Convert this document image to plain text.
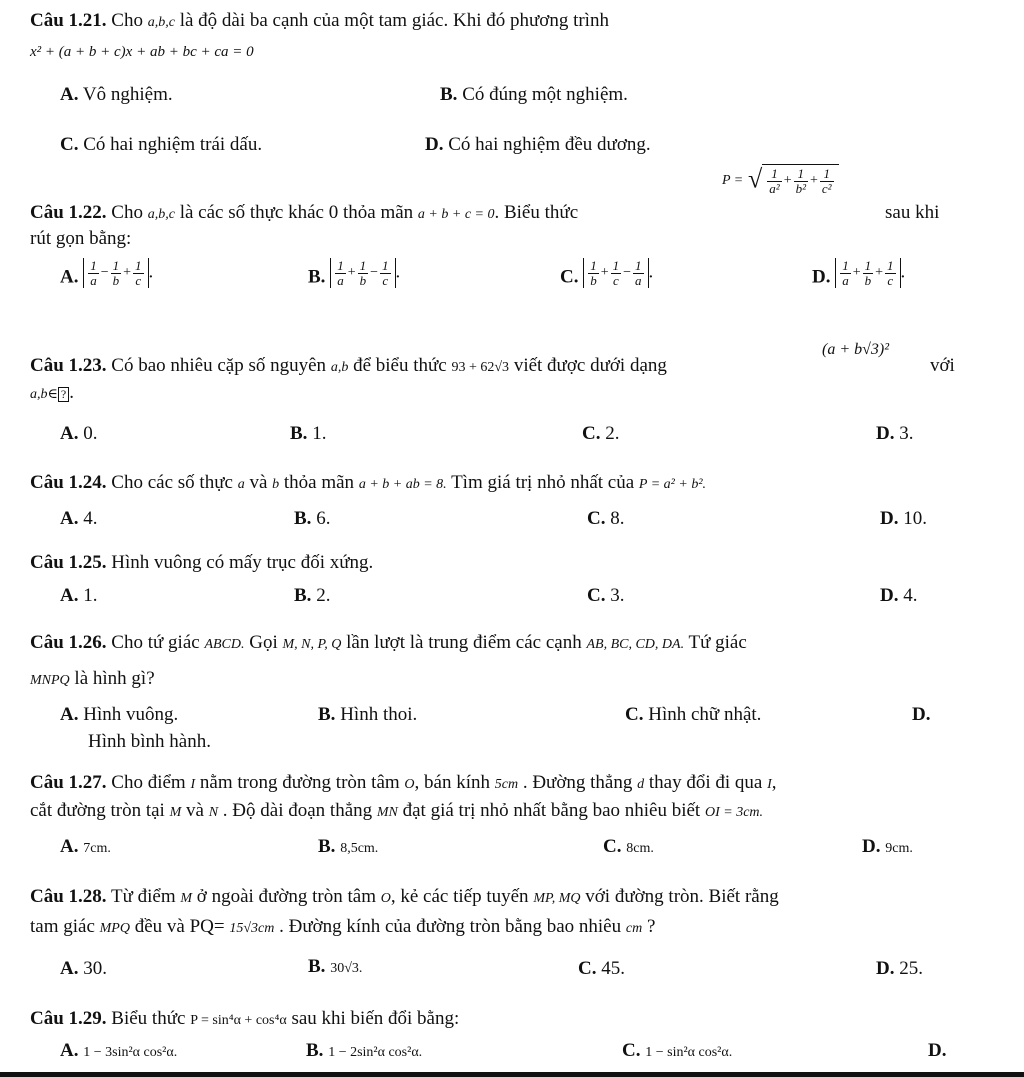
Câu 1.21. Cho a,b,c là độ dài ba cạnh của một tam giác. Khi đó phương trình
x² + (a + b + c)x + ab + bc + ca = 0
A. Vô nghiệm.	B. Có đúng một nghiệm.
C. Có hai nghiệm trái dấu.	D. Có hai nghiệm đều dương.
Câu 1.22. Cho a,b,c là các số thực khác 0 thỏa mãn a + b + c = 0. Biểu thức
P = √ $\frac{1}{\text{a²}} + \frac{1}{\text{b²}} + \frac{1}{\text{c²}}$
sau khi
rút gọn bằng:
A. $\frac{1}{a} - \frac{1}{b} + \frac{1}{c}$ .	B. $\frac{1}{a} + \frac{1}{b} - \frac{1}{c}$ .	C. $\frac{1}{b} + \frac{1}{c} - \frac{1}{a}$ .	D. $\frac{1}{a} + \frac{1}{b} + \frac{1}{c}$ .
Câu 1.23. Có bao nhiêu cặp số nguyên a,b để biểu thức 93 + 62√3 viết được dưới dạng
(a + b√3)²
với
a,b∈ ? .
A. 0.	B. 1.	C. 2.	D. 3.
Câu 1.24. Cho các số thực a và b thỏa mãn a + b + ab = 8. Tìm giá trị nhỏ nhất của P = a² + b².
A. 4.	B. 6.	C. 8.	D. 10.
Câu 1.25. Hình vuông có mấy trục đối xứng.
A. 1.	B. 2.	C. 3.	D. 4.
Câu 1.26. Cho tứ giác ABCD. Gọi M, N, P, Q lần lượt là trung điểm các cạnh AB, BC, CD, DA. Tứ giác
MNPQ là hình gì?
A. Hình vuông.	B. Hình thoi.	C. Hình chữ nhật.	D.
Hình bình hành.
Câu 1.27. Cho điểm I nằm trong đường tròn tâm O, bán kính 5cm . Đường thẳng d thay đổi đi qua I,
cắt đường tròn tại M và N . Độ dài đoạn thẳng MN đạt giá trị nhỏ nhất bằng bao nhiêu biết OI = 3cm.
A. 7cm.	B. 8,5cm.	C. 8cm.	D. 9cm.
Câu 1.28. Từ điểm M ở ngoài đường tròn tâm O, kẻ các tiếp tuyến MP, MQ với đường tròn. Biết rằng
tam giác MPQ đều và PQ= 15√3cm . Đường kính của đường tròn bằng bao nhiêu cm ?
A. 30.	B. 30√3.	C. 45.	D. 25.
Câu 1.29. Biểu thức P = sin⁴α + cos⁴α sau khi biến đổi bằng:
A. 1 − 3sin²α cos²α.	B. 1 − 2sin²α cos²α.	C. 1 − sin²α cos²α.	D.
